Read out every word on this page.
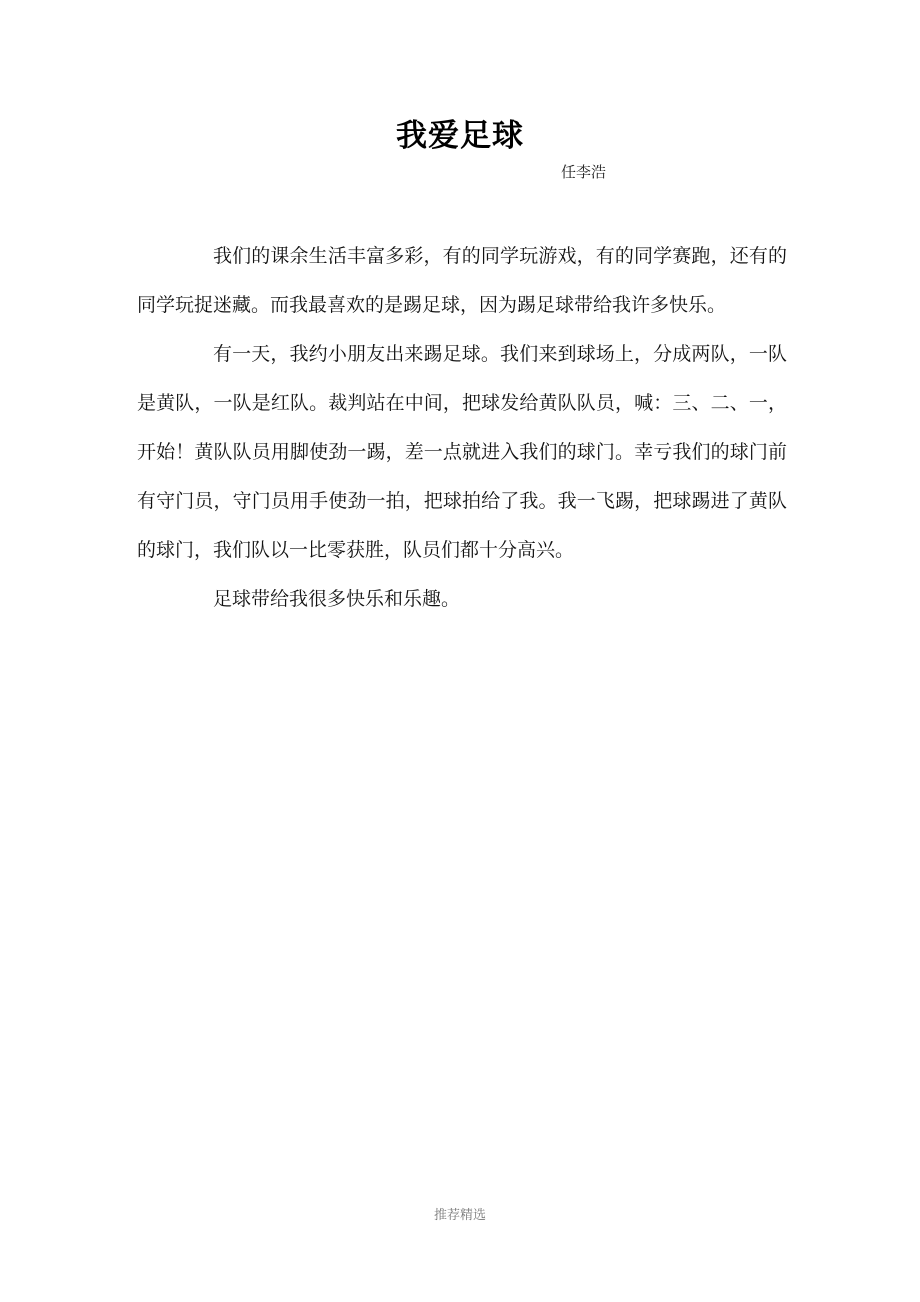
我爱足球
任李浩

我们的课余生活丰富多彩，有的同学玩游戏，有的同学赛跑，还有的同学玩捉迷藏。而我最喜欢的是踢足球，因为踢足球带给我许多快乐。

有一天，我约小朋友出来踢足球。我们来到球场上，分成两队，一队是黄队，一队是红队。裁判站在中间，把球发给黄队队员，喊：三、二、一，开始！黄队队员用脚使劲一踢，差一点就进入我们的球门。幸亏我们的球门前有守门员，守门员用手使劲一拍，把球拍给了我。我一飞踢，把球踢进了黄队的球门，我们队以一比零获胜，队员们都十分高兴。

足球带给我很多快乐和乐趣。

推荐精选
